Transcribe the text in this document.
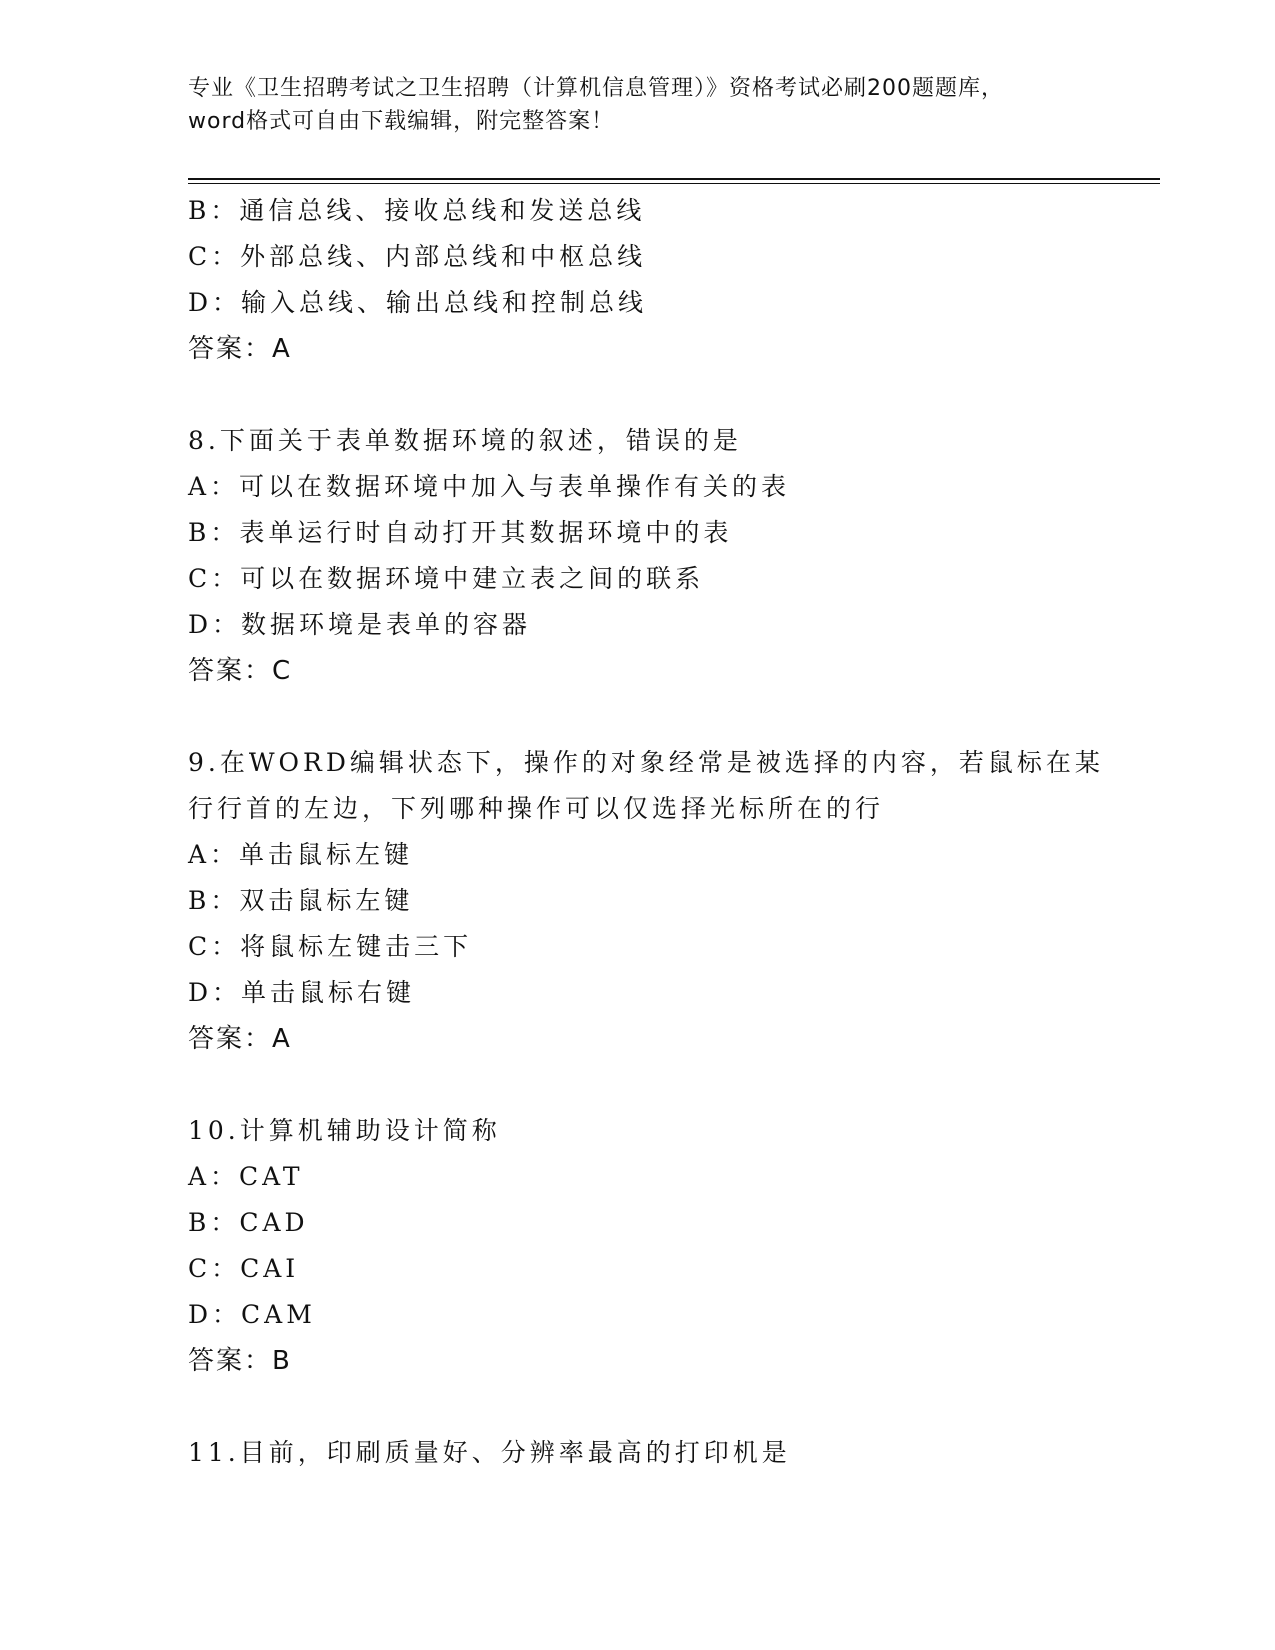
专业《卫生招聘考试之卫生招聘（计算机信息管理）》资格考试必刷200题题库，
word格式可自由下载编辑，附完整答案！
B：通信总线、接收总线和发送总线
C：外部总线、内部总线和中枢总线
D：输入总线、输出总线和控制总线
答案：A
8.下面关于表单数据环境的叙述，错误的是
A：可以在数据环境中加入与表单操作有关的表
B：表单运行时自动打开其数据环境中的表
C：可以在数据环境中建立表之间的联系
D：数据环境是表单的容器
答案：C
9.在WORD编辑状态下，操作的对象经常是被选择的内容，若鼠标在某
行行首的左边，下列哪种操作可以仅选择光标所在的行
A：单击鼠标左键
B：双击鼠标左键
C：将鼠标左键击三下
D：单击鼠标右键
答案：A
10.计算机辅助设计简称
A：CAT
B：CAD
C：CAI
D：CAM
答案：B
11.目前，印刷质量好、分辨率最高的打印机是
